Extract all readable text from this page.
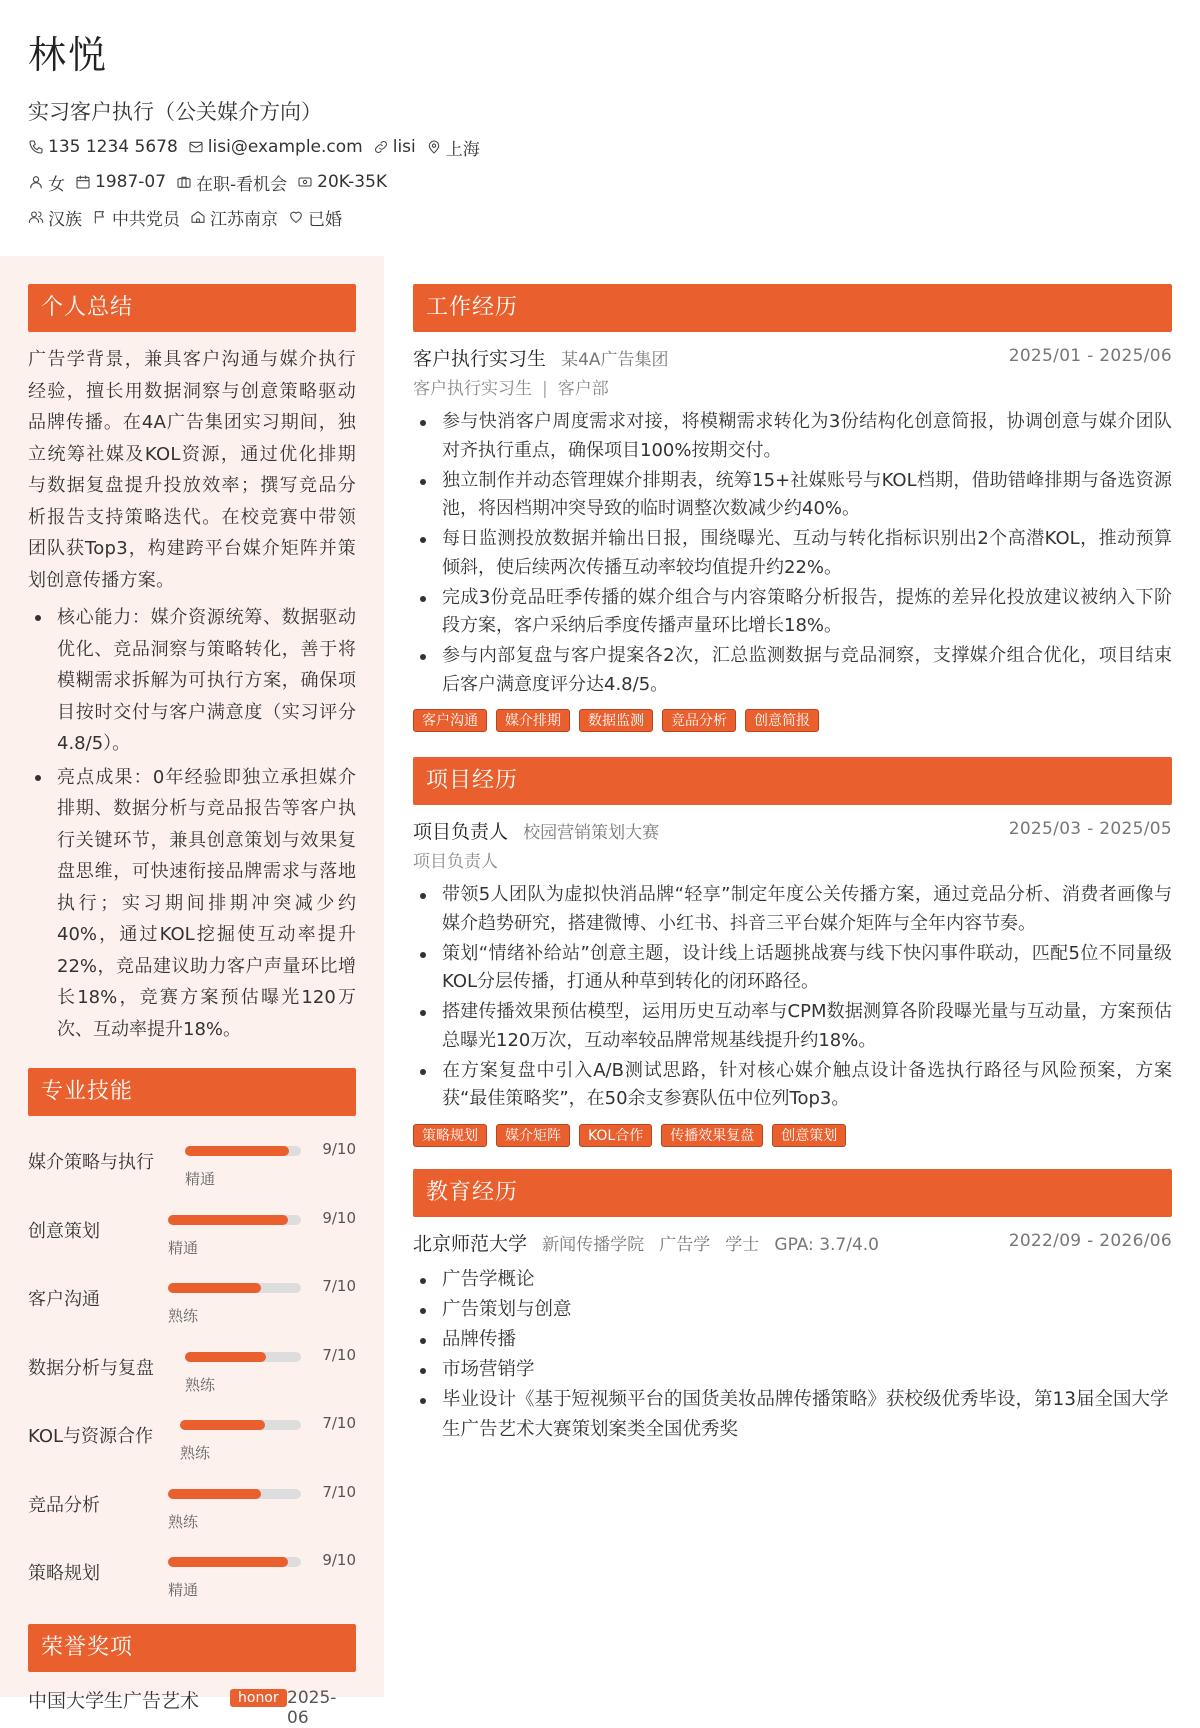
林悦
实习客户执行（公关媒介方向）
135 1234 5678 lisi@example.com lisi 上海
女 1987-07 在职-看机会 20K-35K
汉族 中共党员 江苏南京 已婚
个人总结
广告学背景，兼具客户沟通与媒介执行经验，擅长用数据洞察与创意策略驱动品牌传播。在4A广告集团实习期间，独立统筹社媒及KOL资源，通过优化排期与数据复盘提升投放效率；撰写竞品分析报告支持策略迭代。在校竞赛中带领团队获Top3，构建跨平台媒介矩阵并策划创意传播方案。
核心能力：媒介资源统筹、数据驱动优化、竞品洞察与策略转化，善于将模糊需求拆解为可执行方案，确保项目按时交付与客户满意度（实习评分4.8/5）。
亮点成果：0年经验即独立承担媒介排期、数据分析与竞品报告等客户执行关键环节，兼具创意策划与效果复盘思维，可快速衔接品牌需求与落地执行；实习期间排期冲突减少约40%，通过KOL挖掘使互动率提升22%，竞品建议助力客户声量环比增长18%，竞赛方案预估曝光120万次、互动率提升18%。
专业技能
媒介策略与执行
9/10
精通
创意策划
9/10
精通
客户沟通
7/10
熟练
数据分析与复盘
7/10
熟练
KOL与资源合作
7/10
熟练
竞品分析
7/10
熟练
策略规划
9/10
精通
荣誉奖项
中国大学生广告艺术	honor 2025-06
工作经历
客户执行实习生 某4A广告集团	2025/01 - 2025/06
客户执行实习生 | 客户部
参与快消客户周度需求对接，将模糊需求转化为3份结构化创意简报，协调创意与媒介团队对齐执行重点，确保项目100%按期交付。
独立制作并动态管理媒介排期表，统筹15+社媒账号与KOL档期，借助错峰排期与备选资源池，将因档期冲突导致的临时调整次数减少约40%。
每日监测投放数据并输出日报，围绕曝光、互动与转化指标识别出2个高潜KOL，推动预算倾斜，使后续两次传播互动率较均值提升约22%。
完成3份竞品旺季传播的媒介组合与内容策略分析报告，提炼的差异化投放建议被纳入下阶段方案，客户采纳后季度传播声量环比增长18%。
参与内部复盘与客户提案各2次，汇总监测数据与竞品洞察，支撑媒介组合优化，项目结束后客户满意度评分达4.8/5。
客户沟通	媒介排期	数据监测	竞品分析	创意简报
项目经历
项目负责人 校园营销策划大赛	2025/03 - 2025/05
项目负责人
带领5人团队为虚拟快消品牌“轻享”制定年度公关传播方案，通过竞品分析、消费者画像与媒介趋势研究，搭建微博、小红书、抖音三平台媒介矩阵与全年内容节奏。
策划“情绪补给站”创意主题，设计线上话题挑战赛与线下快闪事件联动，匹配5位不同量级KOL分层传播，打通从种草到转化的闭环路径。
搭建传播效果预估模型，运用历史互动率与CPM数据测算各阶段曝光量与互动量，方案预估总曝光120万次，互动率较品牌常规基线提升约18%。
在方案复盘中引入A/B测试思路，针对核心媒介触点设计备选执行路径与风险预案，方案获“最佳策略奖”，在50余支参赛队伍中位列Top3。
策略规划	媒介矩阵	KOL合作	传播效果复盘	创意策划
教育经历
北京师范大学 新闻传播学院 广告学 学士 GPA: 3.7/4.0	2022/09 - 2026/06
广告学概论
广告策划与创意
品牌传播
市场营销学
毕业设计《基于短视频平台的国货美妆品牌传播策略》获校级优秀毕设，第13届全国大学生广告艺术大赛策划案类全国优秀奖
